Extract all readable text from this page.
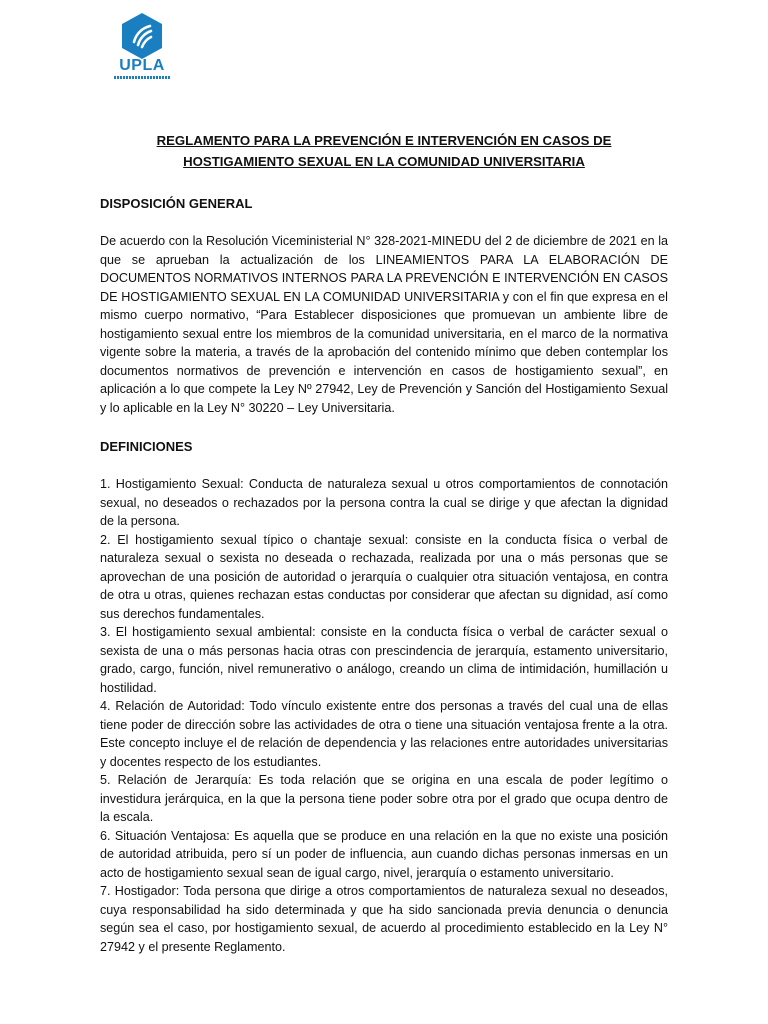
UPLA
REGLAMENTO PARA LA PREVENCIÓN E INTERVENCIÓN EN CASOS DE
HOSTIGAMIENTO SEXUAL EN LA COMUNIDAD UNIVERSITARIA
DISPOSICIÓN GENERAL

De acuerdo con la Resolución Viceministerial N° 328-2021-MINEDU del 2 de diciembre de 2021 en la que se aprueban la actualización de los LINEAMIENTOS PARA LA ELABORACIÓN DE DOCUMENTOS NORMATIVOS INTERNOS PARA LA PREVENCIÓN E INTERVENCIÓN EN CASOS DE HOSTIGAMIENTO SEXUAL EN LA COMUNIDAD UNIVERSITARIA y con el fin que expresa en el mismo cuerpo normativo, “Para Establecer disposiciones que promuevan un ambiente libre de hostigamiento sexual entre los miembros de la comunidad universitaria, en el marco de la normativa vigente sobre la materia, a través de la aprobación del contenido mínimo que deben contemplar los documentos normativos de prevención e intervención en casos de hostigamiento sexual”, en aplicación a lo que compete la Ley Nº 27942, Ley de Prevención y Sanción del Hostigamiento Sexual y lo aplicable en la Ley N° 30220 – Ley Universitaria.

DEFINICIONES

1. Hostigamiento Sexual: Conducta de naturaleza sexual u otros comportamientos de connotación sexual, no deseados o rechazados por la persona contra la cual se dirige y que afectan la dignidad de la persona.

2. El hostigamiento sexual típico o chantaje sexual: consiste en la conducta física o verbal de naturaleza sexual o sexista no deseada o rechazada, realizada por una o más personas que se aprovechan de una posición de autoridad o jerarquía o cualquier otra situación ventajosa, en contra de otra u otras, quienes rechazan estas conductas por considerar que afectan su dignidad, así como sus derechos fundamentales.

3. El hostigamiento sexual ambiental: consiste en la conducta física o verbal de carácter sexual o sexista de una o más personas hacia otras con prescindencia de jerarquía, estamento universitario, grado, cargo, función, nivel remunerativo o análogo, creando un clima de intimidación, humillación u hostilidad.

4. Relación de Autoridad: Todo vínculo existente entre dos personas a través del cual una de ellas tiene poder de dirección sobre las actividades de otra o tiene una situación ventajosa frente a la otra. Este concepto incluye el de relación de dependencia y las relaciones entre autoridades universitarias y docentes respecto de los estudiantes.

5. Relación de Jerarquía: Es toda relación que se origina en una escala de poder legítimo o investidura jerárquica, en la que la persona tiene poder sobre otra por el grado que ocupa dentro de la escala.

6. Situación Ventajosa: Es aquella que se produce en una relación en la que no existe una posición de autoridad atribuida, pero sí un poder de influencia, aun cuando dichas personas inmersas en un acto de hostigamiento sexual sean de igual cargo, nivel, jerarquía o estamento universitario.

7. Hostigador: Toda persona que dirige a otros comportamientos de naturaleza sexual no deseados, cuya responsabilidad ha sido determinada y que ha sido sancionada previa denuncia o denuncia según sea el caso, por hostigamiento sexual, de acuerdo al procedimiento establecido en la Ley N° 27942 y el presente Reglamento.
